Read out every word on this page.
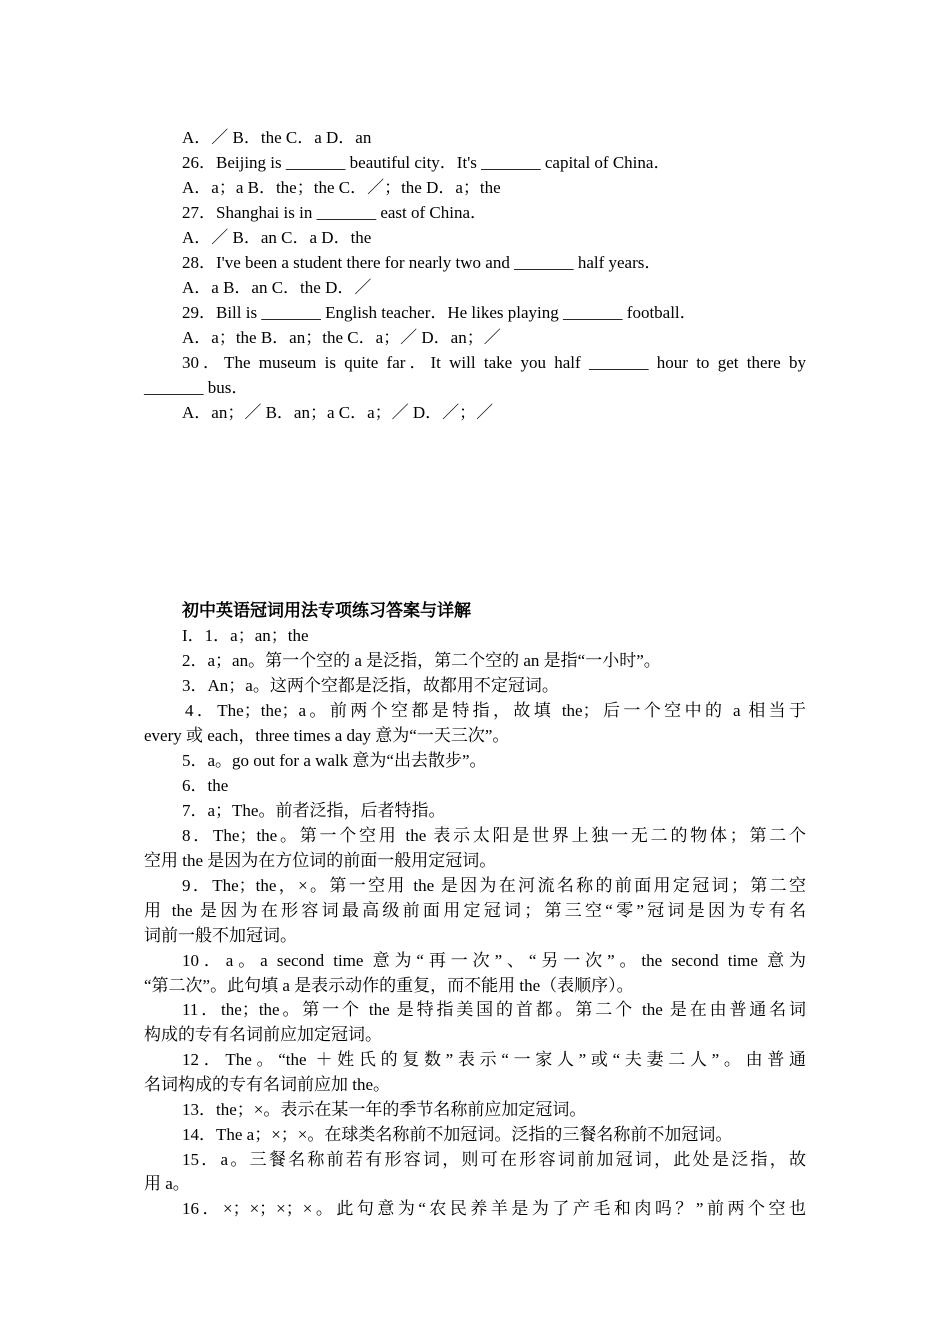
A．／ B．the C．a D．an
26．Beijing is _______ beautiful city．It's _______ capital of China．
A．a；a B．the；the C．／；the D．a；the
27．Shanghai is in _______ east of China．
A．／ B．an C．a D．the
28．I've been a student there for nearly two and _______ half years．
A．a B．an C．the D．／
29．Bill is _______ English teacher．He likes playing _______ football．
A．a；the B．an；the C．a；／ D．an；／
30．The museum is quite far．It will take you half _______ hour to get there by
_______ bus．
A．an；／ B．an；a C．a；／ D．／；／
初中英语冠词用法专项练习答案与详解
I．1．a；an；the
2．a；an。第一个空的 a 是泛指，第二个空的 an 是指“一小时”。
3．An；a。这两个空都是泛指，故都用不定冠词。
4．The；the；a。前两个空都是特指，故填 the；后一个空中的 a 相当于
every 或 each，three times a day 意为“一天三次”。
5．a。go out for a walk 意为“出去散步”。
6．the
7．a；The。前者泛指，后者特指。
8．The；the。第一个空用 the 表示太阳是世界上独一无二的物体；第二个
空用 the 是因为在方位词的前面一般用定冠词。
9．The；the，×。第一空用 the 是因为在河流名称的前面用定冠词；第二空
用 the 是因为在形容词最高级前面用定冠词；第三空“零”冠词是因为专有名
词前一般不加冠词。
10．a。a second time 意为“再一次”、“另一次”。the second time 意为
“第二次”。此句填 a 是表示动作的重复，而不能用 the（表顺序）。
11．the；the。第一个 the 是特指美国的首都。第二个 the 是在由普通名词
构成的专有名词前应加定冠词。
12．The。“the ＋姓氏的复数”表示“一家人”或“夫妻二人”。由普通
名词构成的专有名词前应加 the。
13．the；×。表示在某一年的季节名称前应加定冠词。
14．The a；×；×。在球类名称前不加冠词。泛指的三餐名称前不加冠词。
15．a。三餐名称前若有形容词，则可在形容词前加冠词，此处是泛指，故
用 a。
16．×；×；×；×。此句意为“农民养羊是为了产毛和肉吗？”前两个空也
